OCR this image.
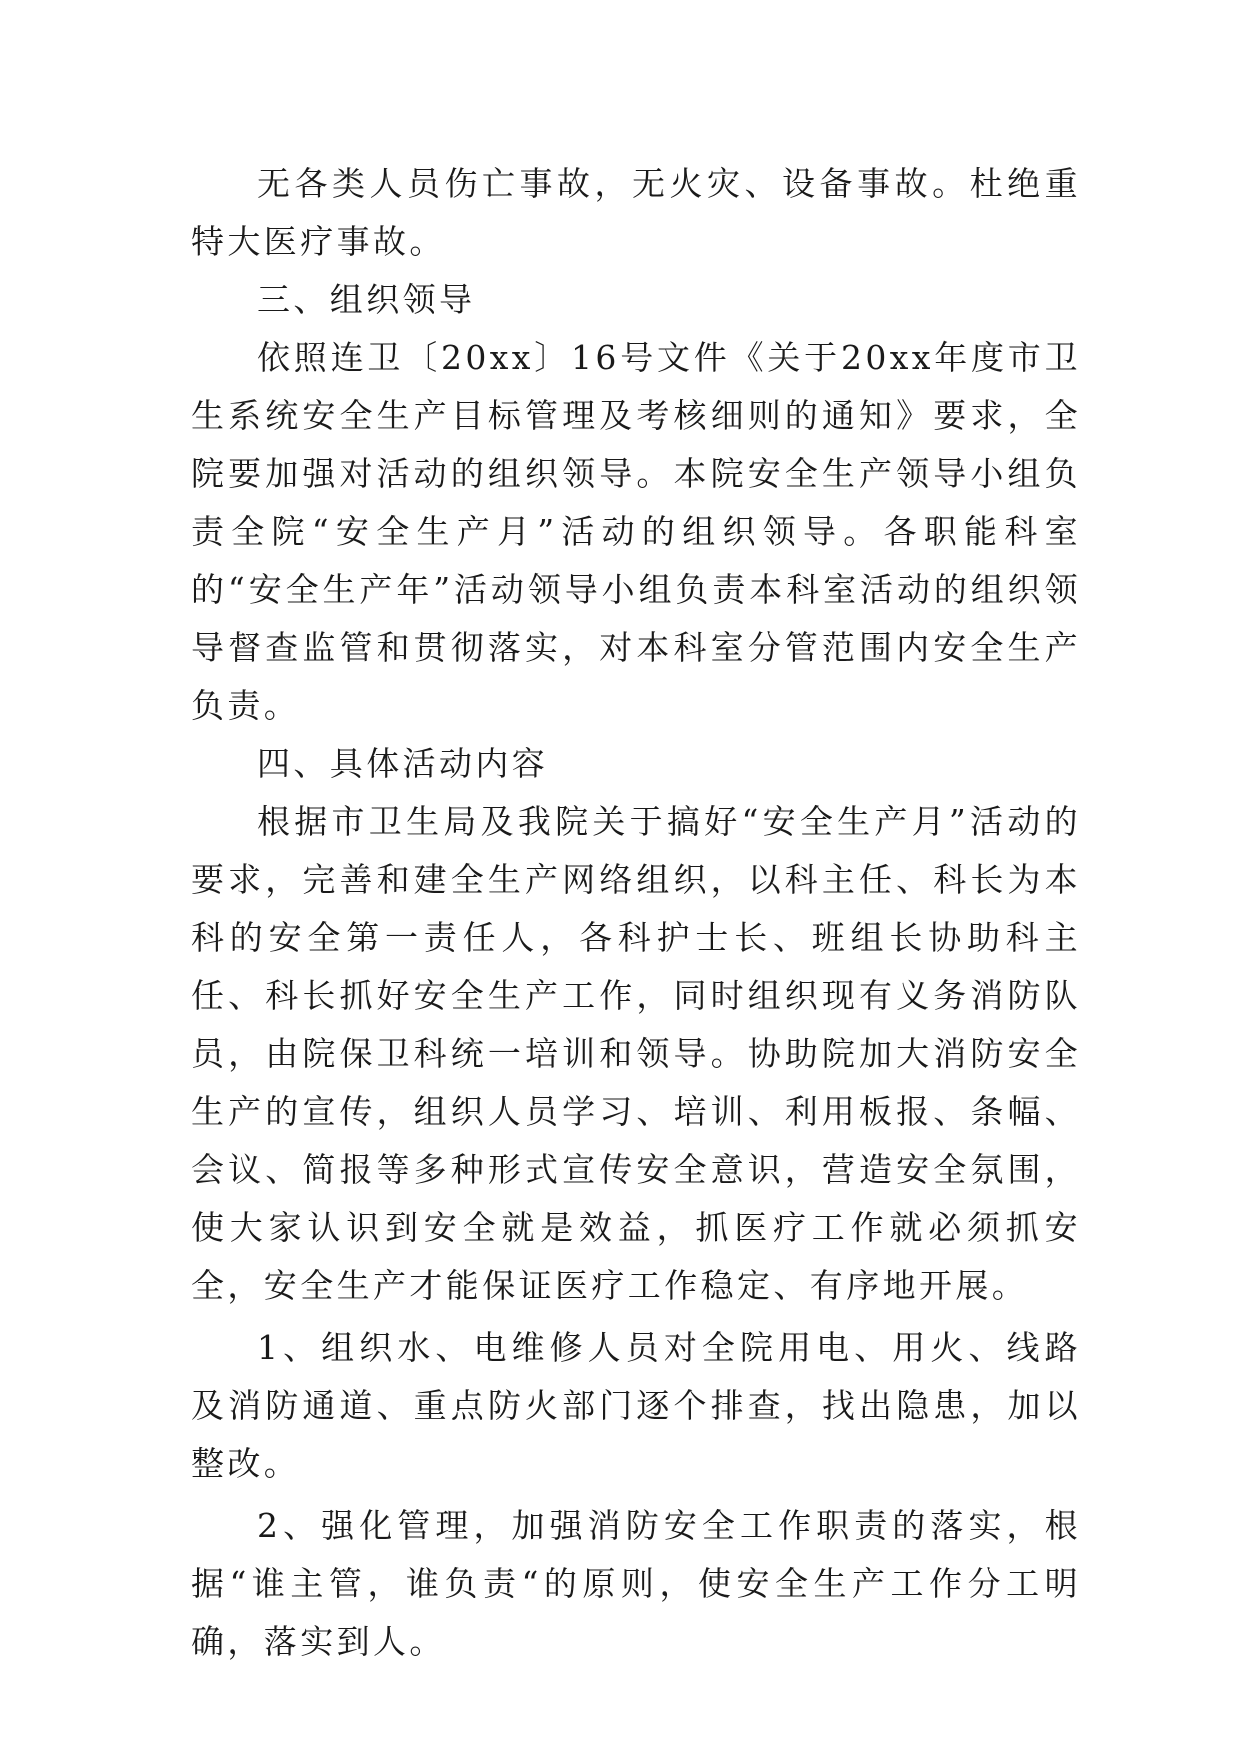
无各类人员伤亡事故，无火灾、设备事故。杜绝重特大医疗事故。

三、组织领导

依照连卫〔20xx〕16号文件《关于20xx年度市卫生系统安全生产目标管理及考核细则的通知》要求，全院要加强对活动的组织领导。本院安全生产领导小组负责全院“安全生产月”活动的组织领导。各职能科室的“安全生产年”活动领导小组负责本科室活动的组织领导督查监管和贯彻落实，对本科室分管范围内安全生产负责。

四、具体活动内容

根据市卫生局及我院关于搞好“安全生产月”活动的要求，完善和建全生产网络组织，以科主任、科长为本科的安全第一责任人，各科护士长、班组长协助科主任、科长抓好安全生产工作，同时组织现有义务消防队员，由院保卫科统一培训和领导。协助院加大消防安全生产的宣传，组织人员学习、培训、利用板报、条幅、会议、简报等多种形式宣传安全意识，营造安全氛围，使大家认识到安全就是效益，抓医疗工作就必须抓安全，安全生产才能保证医疗工作稳定、有序地开展。

1、组织水、电维修人员对全院用电、用火、线路及消防通道、重点防火部门逐个排查，找出隐患，加以整改。

2、强化管理，加强消防安全工作职责的落实，根据“谁主管，谁负责“的原则，使安全生产工作分工明确，落实到人。
